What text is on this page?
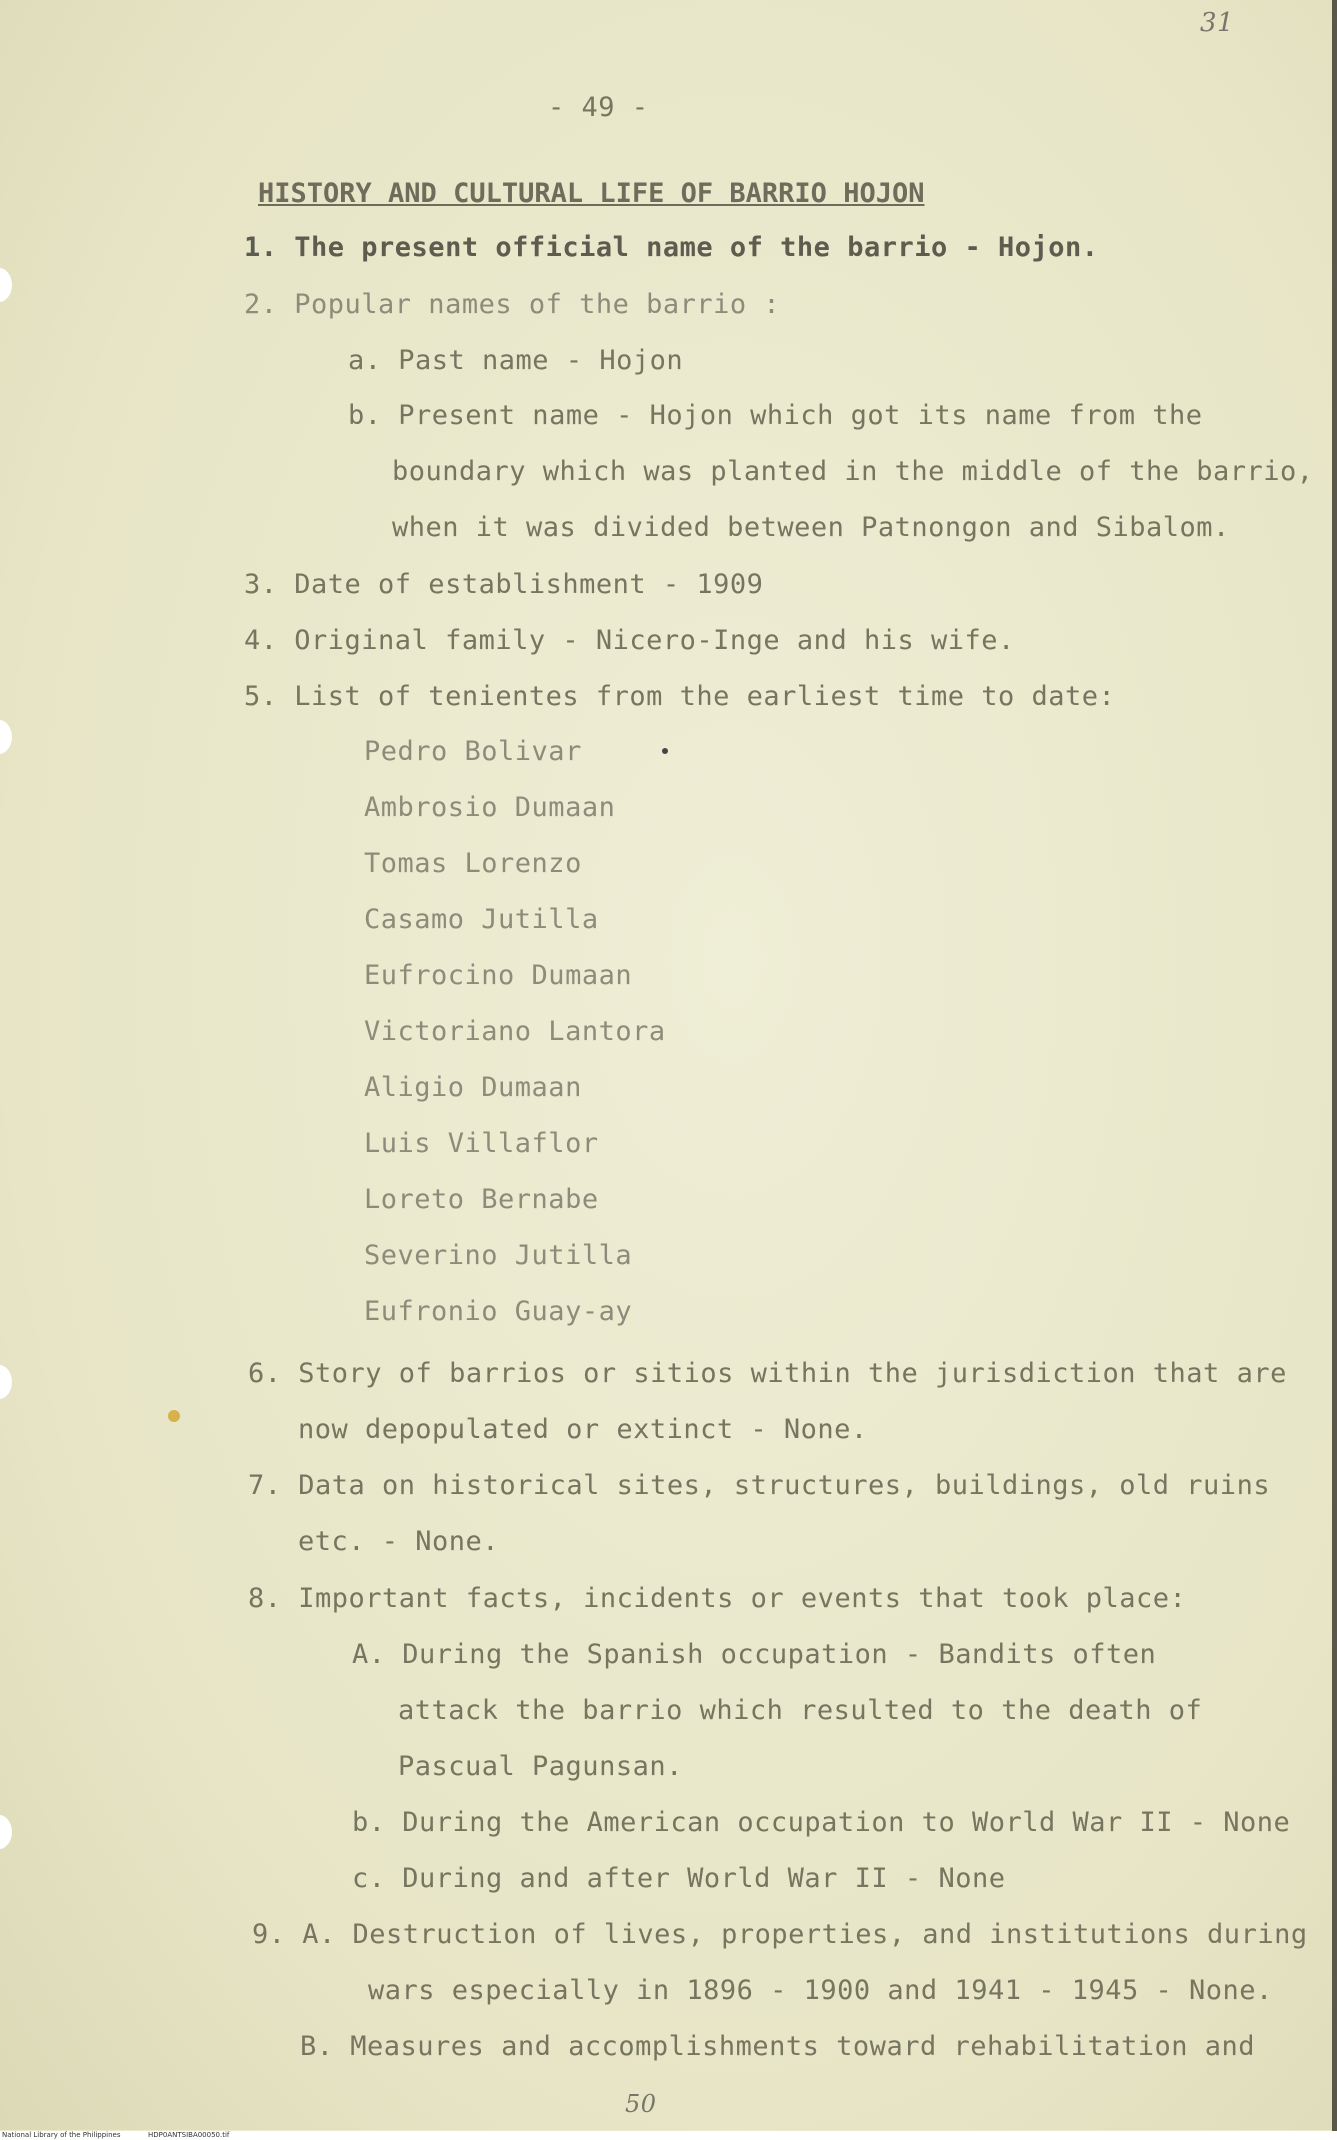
31
- 49 -
HISTORY AND CULTURAL LIFE OF BARRIO HOJON
1. The present official name of the barrio - Hojon.
2. Popular names of the barrio :
a. Past name - Hojon
b. Present name - Hojon which got its name from the
boundary which was planted in the middle of the barrio,
when it was divided between Patnongon and Sibalom.
3. Date of establishment - 1909
4. Original family - Nicero-Inge and his wife.
5. List of tenientes from the earliest time to date:
Pedro Bolivar
Ambrosio Dumaan
Tomas Lorenzo
Casamo Jutilla
Eufrocino Dumaan
Victoriano Lantora
Aligio Dumaan
Luis Villaflor
Loreto Bernabe
Severino Jutilla
Eufronio Guay-ay
6. Story of barrios or sitios within the jurisdiction that are
now depopulated or extinct - None.
7. Data on historical sites, structures, buildings, old ruins
etc. - None.
8. Important facts, incidents or events that took place:
A. During the Spanish occupation - Bandits often
attack the barrio which resulted to the death of
Pascual Pagunsan.
b. During the American occupation to World War II - None
c. During and after World War II - None
9. A. Destruction of lives, properties, and institutions during
wars especially in 1896 - 1900 and 1941 - 1945 - None.
B. Measures and accomplishments toward rehabilitation and
50
National Library of the Philippines	HDP0ANTSIBA00050.tif
